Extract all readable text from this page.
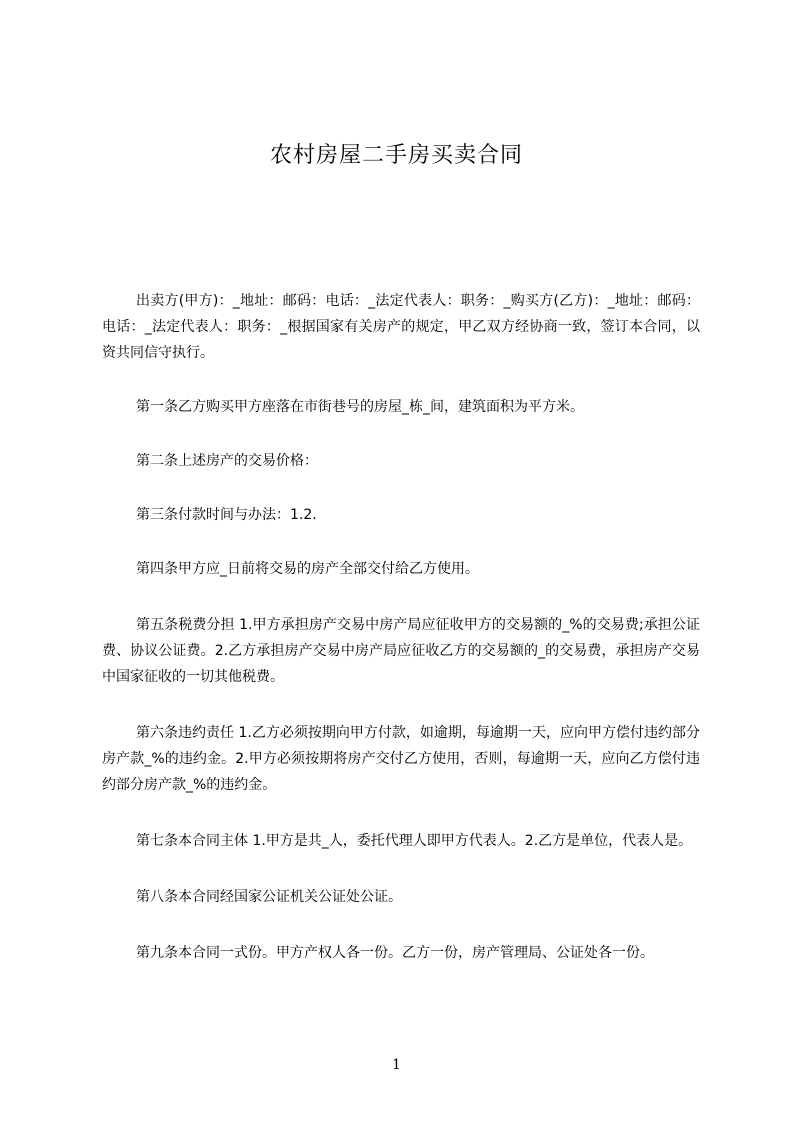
农村房屋二手房买卖合同

出卖方(甲方)：_地址：邮码：电话：_法定代表人：职务：_购买方(乙方)：_地址：邮码：电话：_法定代表人：职务：_根据国家有关房产的规定，甲乙双方经协商一致，签订本合同，以资共同信守执行。

第一条乙方购买甲方座落在市街巷号的房屋_栋_间，建筑面积为平方米。

第二条上述房产的交易价格：

第三条付款时间与办法：1.2.

第四条甲方应_日前将交易的房产全部交付给乙方使用。

第五条税费分担 1.甲方承担房产交易中房产局应征收甲方的交易额的_%的交易费;承担公证费、协议公证费。2.乙方承担房产交易中房产局应征收乙方的交易额的_的交易费，承担房产交易中国家征收的一切其他税费。

第六条违约责任 1.乙方必须按期向甲方付款，如逾期，每逾期一天，应向甲方偿付违约部分房产款_%的违约金。2.甲方必须按期将房产交付乙方使用，否则，每逾期一天，应向乙方偿付违约部分房产款_%的违约金。

第七条本合同主体 1.甲方是共_人，委托代理人即甲方代表人。2.乙方是单位，代表人是。

第八条本合同经国家公证机关公证处公证。

第九条本合同一式份。甲方产权人各一份。乙方一份，房产管理局、公证处各一份。

1
